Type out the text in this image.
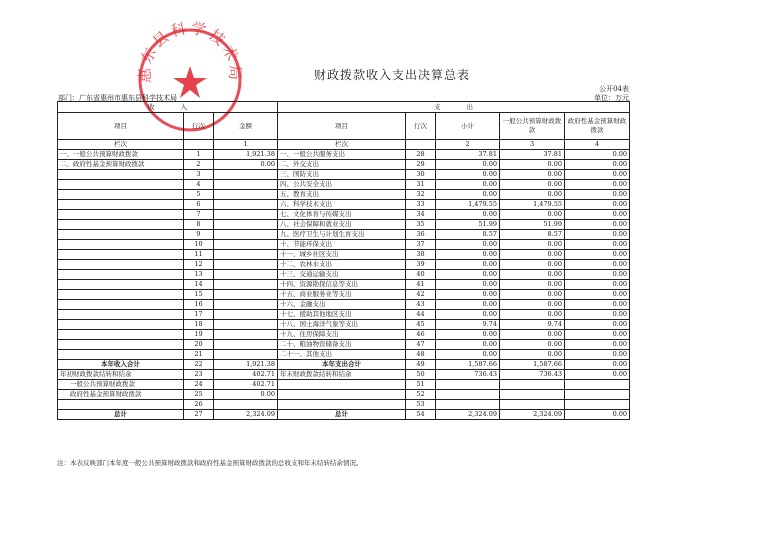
惠东县科学技术局	财政拨款收入支出决算总表
公开04表
单位：万元
部门：广东省惠州市惠东县科学技术局
收　　　　 入			支　　　　 出				
项目	行次	金额	项目	行次	小计	一般公共预算财政拨款	政府性基金预算财政拨款
栏次		1	栏次		2	3	4
一、一般公共预算财政拨款	1	1,921.38	一、一般公共服务支出	28	37.81	37.81	0.00
二、政府性基金预算财政拨款	2	0.00	二、外交支出	29	0.00	0.00	0.00
	3		三、国防支出	30	0.00	0.00	0.00
	4		四、公共安全支出	31	0.00	0.00	0.00
	5		五、教育支出	32	0.00	0.00	0.00
	6		六、科学技术支出	33	1,479.55	1,479.55	0.00
	7		七、文化体育与传媒支出	34	0.00	0.00	0.00
	8		八、社会保障和就业支出	35	51.99	51.99	0.00
	9		九、医疗卫生与计划生育支出	36	8.57	8.57	0.00
	10		十、节能环保支出	37	0.00	0.00	0.00
	11		十一、城乡社区支出	38	0.00	0.00	0.00
	12		十二、农林水支出	39	0.00	0.00	0.00
	13		十三、交通运输支出	40	0.00	0.00	0.00
	14		十四、资源勘探信息等支出	41	0.00	0.00	0.00
	15		十五、商业服务业等支出	42	0.00	0.00	0.00
	16		十六、金融支出	43	0.00	0.00	0.00
	17		十七、援助其他地区支出	44	0.00	0.00	0.00
	18		十八、国土海洋气象等支出	45	9.74	9.74	0.00
	19		十九、住房保障支出	46	0.00	0.00	0.00
	20		二十、粮油物资储备支出	47	0.00	0.00	0.00
	21		二十一、其他支出	48	0.00	0.00	0.00
本年收入合计	22	1,921.38	本年支出合计	49	1,587.66	1,587.66	0.00
年初财政拨款结转和结余	23	402.71	年末财政拨款结转和结余	50	736.43	736.43	0.00
一般公共预算财政拨款	24	402.71		51			
政府性基金预算财政拨款	25	0.00		52			
	26			53			
总计	27	2,324.09	总计	54	2,324.09	2,324.09	0.00
注：本表反映部门本年度一般公共预算财政拨款和政府性基金预算财政拨款的总收支和年末结转结余情况。
